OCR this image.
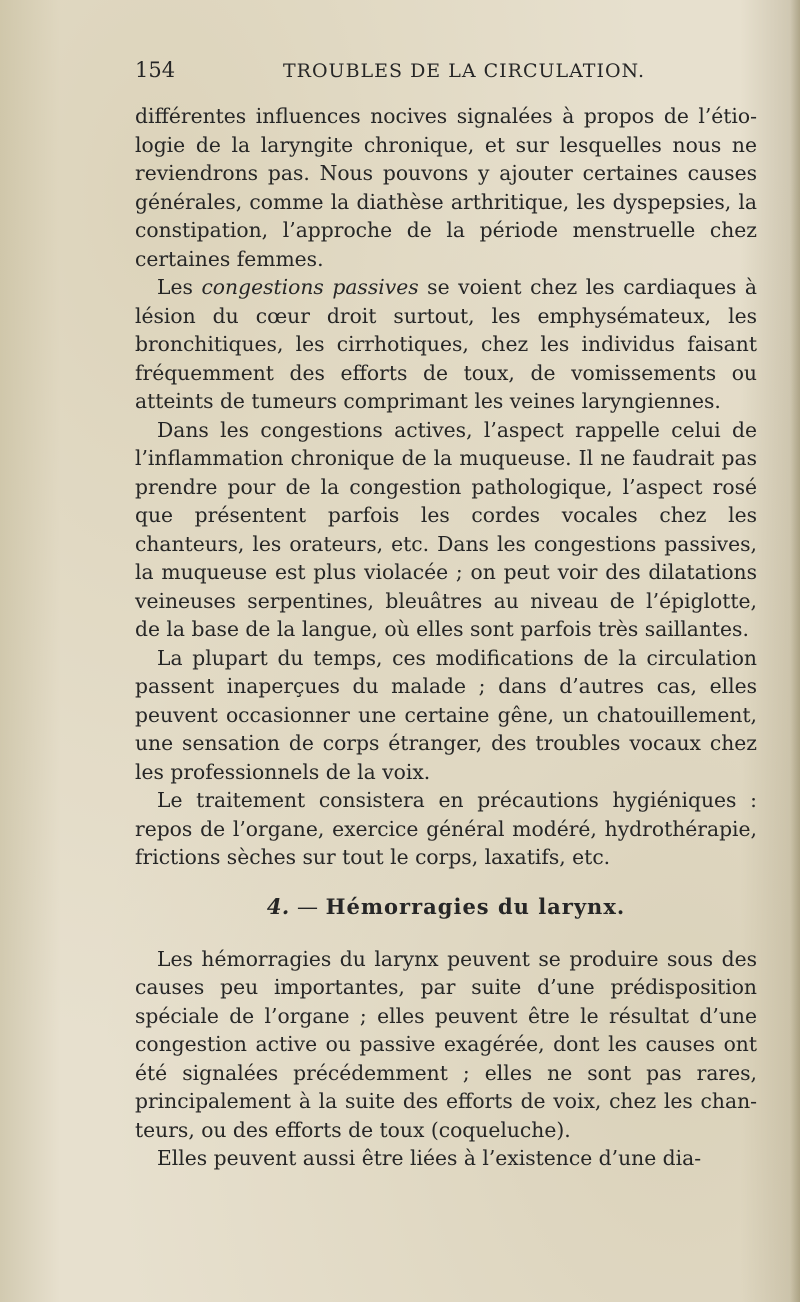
154	TROUBLES DE LA CIRCULATION.

différentes influences nocives signalées à propos de l’étiologie de la laryngite chronique, et sur lesquelles nous ne reviendrons pas. Nous pouvons y ajouter certaines causes générales, comme la diathèse arthritique, les dyspepsies, la constipation, l’approche de la période menstruelle chez certaines femmes.

Les congestions passives se voient chez les cardiaques à lésion du cœur droit surtout, les emphysémateux, les bronchitiques, les cirrhotiques, chez les individus faisant fréquemment des efforts de toux, de vomissements ou atteints de tumeurs comprimant les veines laryngiennes.

Dans les congestions actives, l’aspect rappelle celui de l’inflammation chronique de la muqueuse. Il ne faudrait pas prendre pour de la congestion pathologique, l’aspect rosé que présentent parfois les cordes vocales chez les chanteurs, les orateurs, etc. Dans les congestions passives, la muqueuse est plus violacée ; on peut voir des dilatations veineuses serpentines, bleuâtres au niveau de l’épiglotte, de la base de la langue, où elles sont parfois très saillantes.

La plupart du temps, ces modifications de la circulation passent inaperçues du malade ; dans d’autres cas, elles peuvent occasionner une certaine gêne, un chatouillement, une sensation de corps étranger, des troubles vocaux chez les professionnels de la voix.

Le traitement consistera en précautions hygiéniques : repos de l’organe, exercice général modéré, hydrothérapie, frictions sèches sur tout le corps, laxatifs, etc.

4. — Hémorragies du larynx.

Les hémorragies du larynx peuvent se produire sous des causes peu importantes, par suite d’une prédisposition spéciale de l’organe ; elles peuvent être le résultat d’une congestion active ou passive exagérée, dont les causes ont été signalées précédemment ; elles ne sont pas rares, principalement à la suite des efforts de voix, chez les chanteurs, ou des efforts de toux (coqueluche).

Elles peuvent aussi être liées à l’existence d’une dia-
